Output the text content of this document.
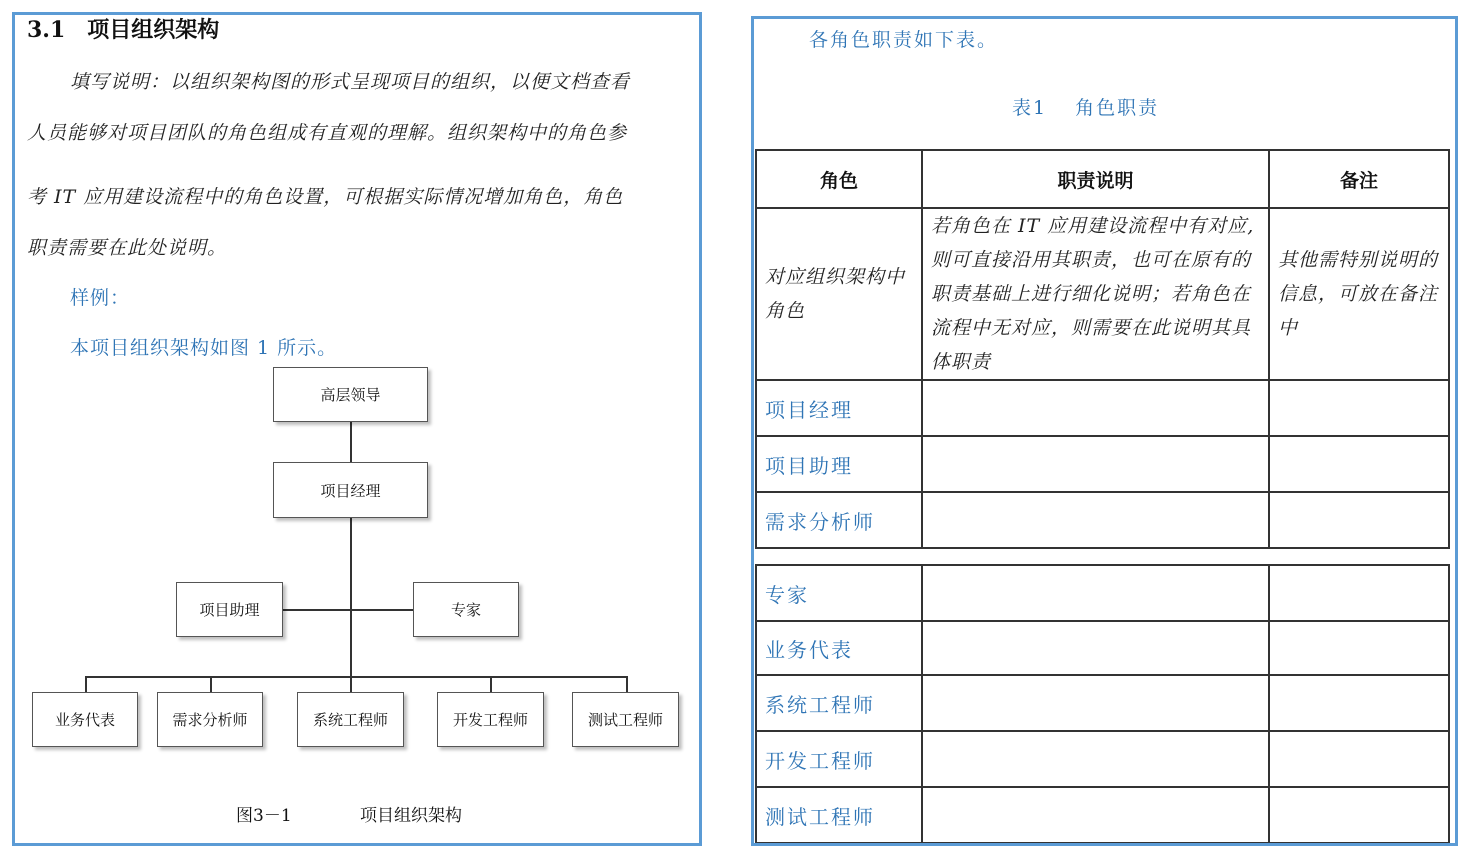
3.1 项目组织架构
填写说明：以组织架构图的形式呈现项目的组织，以便文档查看
人员能够对项目团队的角色组成有直观的理解。组织架构中的角色参
考 IT 应用建设流程中的角色设置，可根据实际情况增加角色，角色
职责需要在此处说明。
样例：
本项目组织架构如图 1 所示。
高层领导
项目经理
项目助理	专家
业务代表	需求分析师	系统工程师	开发工程师	测试工程师
图3－1	项目组织架构
各角色职责如下表。
表1 角色职责
角色	职责说明	备注
对应组织架构中角色	若角色在 IT 应用建设流程中有对应,则可直接沿用其职责，也可在原有的职责基础上进行细化说明；若角色在流程中无对应，则需要在此说明其具体职责	其他需特别说明的信息，可放在备注中
项目经理		
项目助理		
需求分析师		
专家		
业务代表		
系统工程师		
开发工程师		
测试工程师		
